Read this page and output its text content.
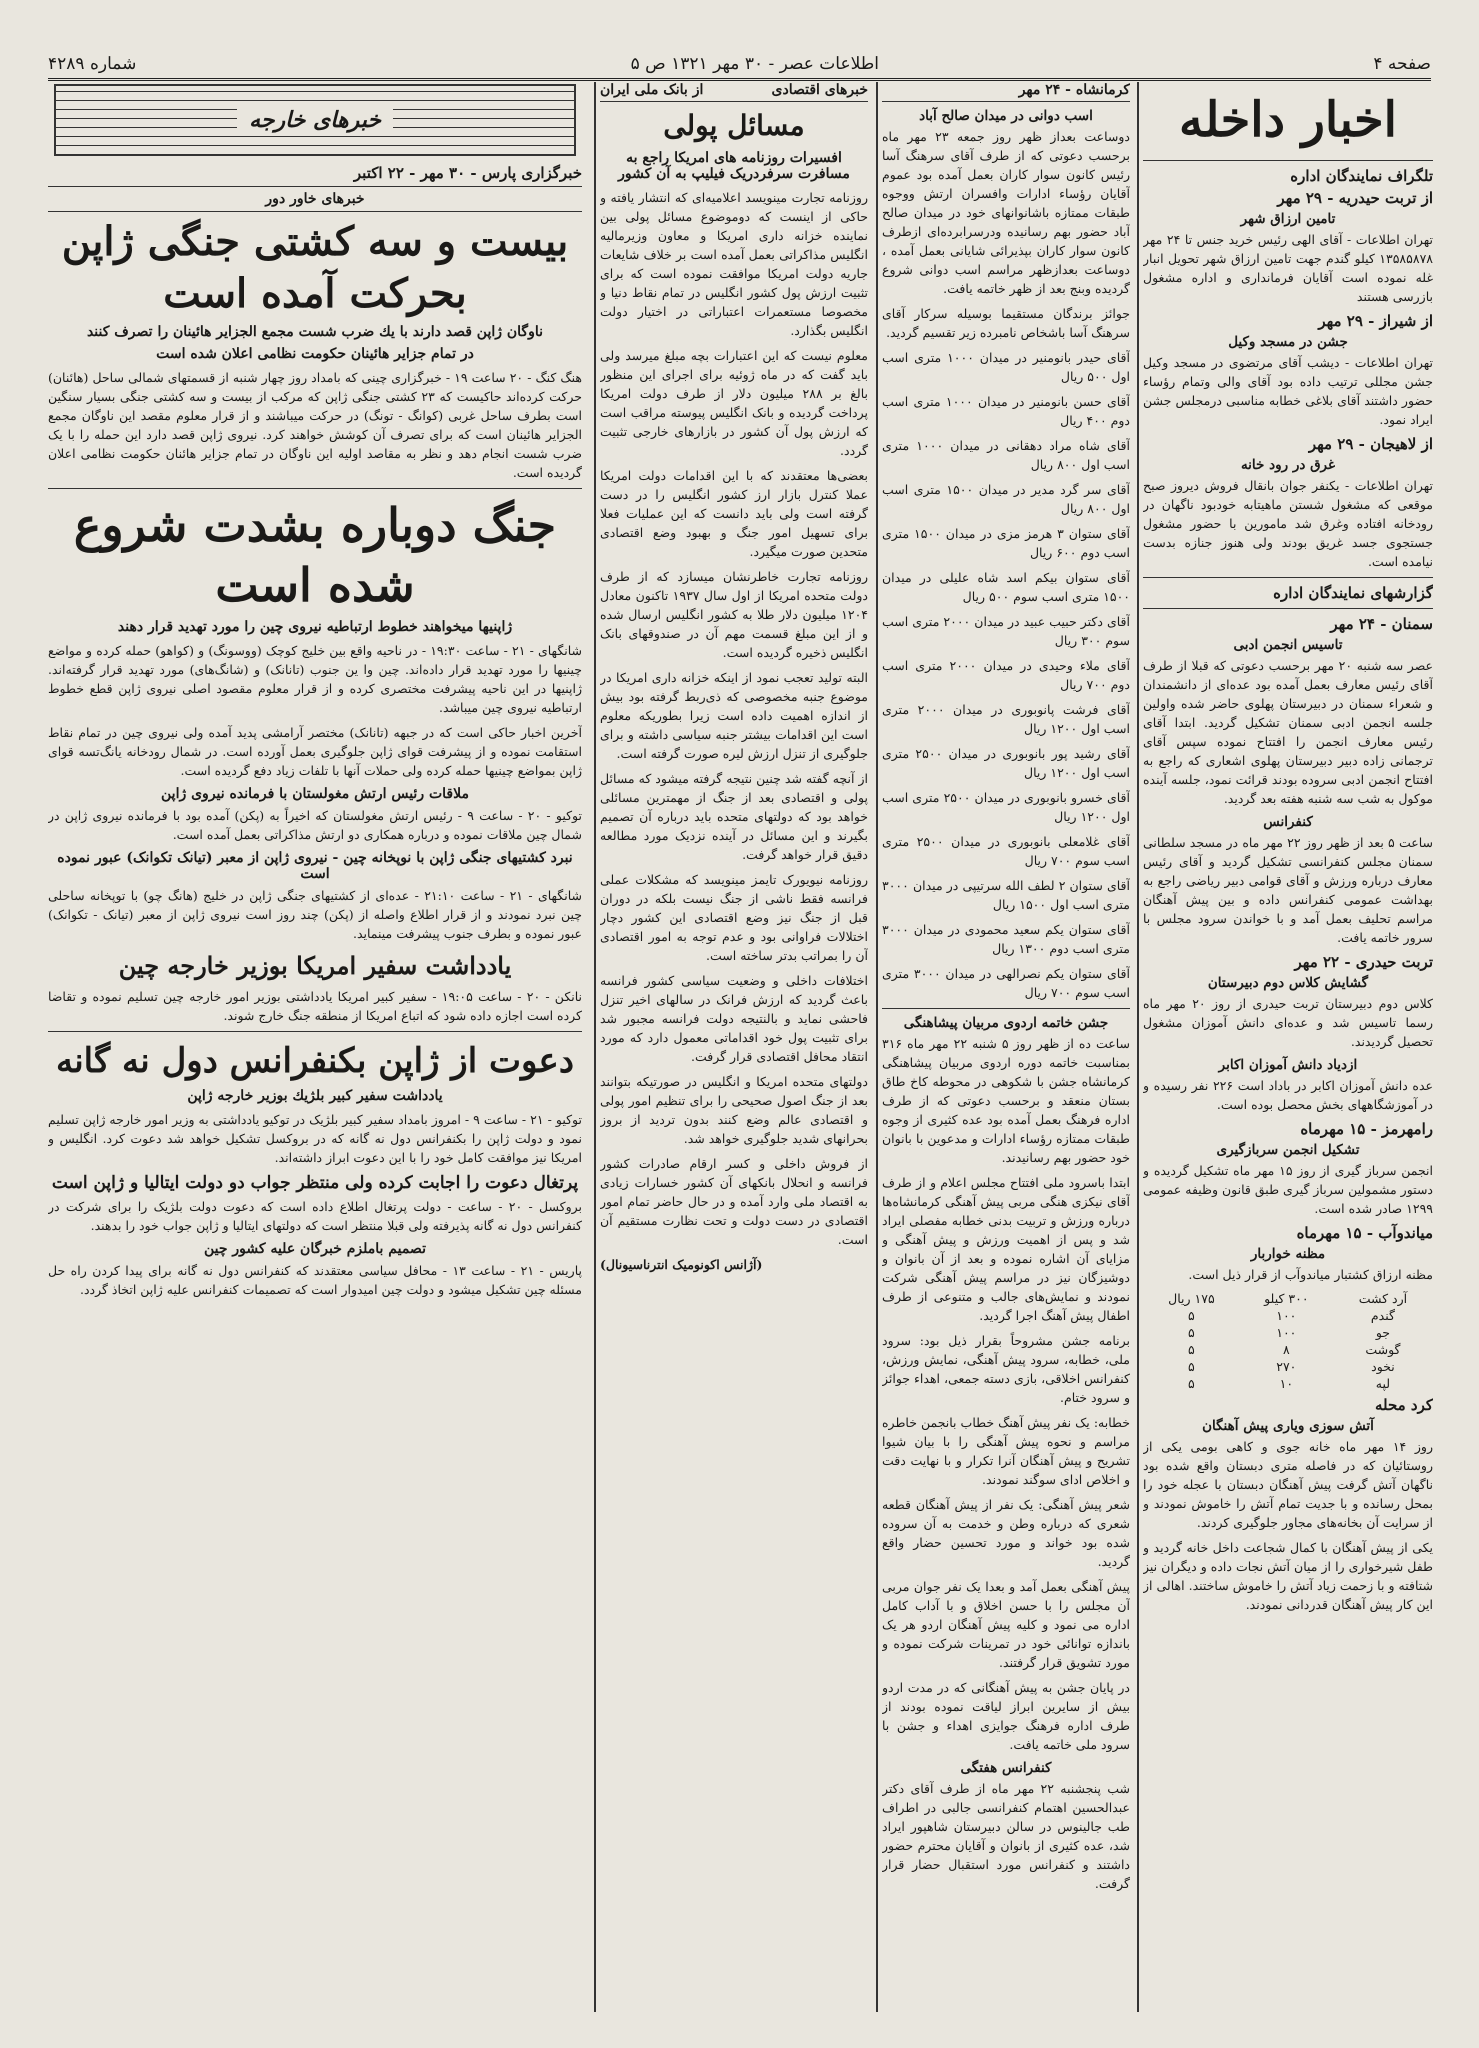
صفحه ۴
اطلاعات عصر - ۳۰ مهر ۱۳۲۱ ص ۵
شماره ۴۲۸۹
اخبار داخله
تلگراف نمایندگان اداره
از تربت حیدریه - ۲۹ مهر
تامین ارزاق شهر

تهران اطلاعات - آقای الهی رئیس خرید جنس تا ۲۴ مهر ۱۳۵۸۵۸۷۸ کیلو گندم جهت تامین ارزاق شهر تحویل انبار غله نموده است آقایان فرمانداری و اداره مشغول بازرسی هستند

از شیراز - ۲۹ مهر
جشن در مسجد وکیل

تهران اطلاعات - دیشب آقای مرتضوی در مسجد وکیل جشن مجللی ترتیب داده بود آقای والی وتمام رؤساء حضور داشتند آقای بلاغی خطابه مناسبی درمجلس جشن ایراد نمود.

از لاهیجان - ۲۹ مهر
غرق در رود خانه

تهران اطلاعات - یکنفر جوان بانقال فروش دیروز صبح موقعی که مشغول شستن ماهیتابه خودبود ناگهان در رودخانه افتاده وغرق شد مامورین با حضور مشغول جستجوی جسد غریق بودند ولی هنوز جنازه بدست نیامده است.

گزارشهای نمایندگان اداره
سمنان - ۲۴ مهر
تاسیس انجمن ادبی

عصر سه شنبه ۲۰ مهر برحسب دعوتی که قبلا از طرف آقای رئیس معارف بعمل آمده بود عده‌ای از دانشمندان و شعراء سمنان در دبیرستان پهلوی حاضر شده واولین جلسه انجمن ادبی سمنان تشکیل گردید. ابتدا آقای رئیس معارف انجمن را افتتاح نموده سپس آقای ترجمانی زاده دبیر دبیرستان پهلوی اشعاری که راجع به افتتاح انجمن ادبی سروده بودند قرائت نمود، جلسه آینده موکول به شب سه شنبه هفته بعد گردید.

کنفرانس

ساعت ۵ بعد از ظهر روز ۲۲ مهر ماه در مسجد سلطانی سمنان مجلس کنفرانسی تشکیل گردید و آقای رئیس معارف درباره ورزش و آقای قوامی دبیر ریاضی راجع به بهداشت عمومی کنفرانس داده و بین پیش آهنگان مراسم تحلیف بعمل آمد و با خواندن سرود مجلس با سرور خاتمه یافت.

تربت حیدری - ۲۲ مهر
گشایش کلاس دوم دبیرستان

کلاس دوم دبیرستان تربت حیدری از روز ۲۰ مهر ماه رسما تاسیس شد و عده‌ای دانش آموزان مشغول تحصیل گردیدند.

ازدیاد دانش آموزان اکابر

عده دانش آموزان اکابر در باداد است ۲۲۶ نفر رسیده و در آموزشگاههای بخش محصل بوده است.

رامهرمز - ۱۵ مهرماه
تشکیل انجمن سربازگیری

انجمن سرباز گیری از روز ۱۵ مهر ماه تشکیل گردیده و دستور مشمولین سرباز گیری طبق قانون وظیفه عمومی ۱۲۹۹ صادر شده است.

میاندوآب - ۱۵ مهرماه
مظنه خواربار

مظنه ارزاق کشتبار میاندوآب از قرار ذیل است.

آرد کشت	۳۰۰ کیلو	۱۷۵ ریال
گندم	۱۰۰	۵
جو	۱۰۰	۵
گوشت	۸	۵
نخود	۲۷۰	۵
لپه	۱۰	۵
کرد محله
آتش سوزی ویاری پیش آهنگان

روز ۱۴ مهر ماه خانه جوی و کاهی بومی یکی از روستائیان که در فاصله متری دبستان واقع شده بود ناگهان آتش گرفت پیش آهنگان دبستان با عجله خود را بمحل رسانده و با جدیت تمام آتش را خاموش نمودند و از سرایت آن بخانه‌های مجاور جلوگیری کردند.

یکی از پیش آهنگان با کمال شجاعت داخل خانه گردید و طفل شیرخواری را از میان آتش نجات داده و دیگران نیز شتافته و با زحمت زیاد آتش را خاموش ساختند. اهالی از این کار پیش آهنگان قدردانی نمودند.

کرمانشاه - ۲۴ مهر
اسب دوانی در میدان صالح آباد

دوساعت بعداز ظهر روز جمعه ۲۳ مهر ماه برحسب دعوتی که از طرف آقای سرهنگ آسا رئیس کانون سوار کاران بعمل آمده بود عموم آقایان رؤساء ادارات وافسران ارتش ووجوه طبقات ممتازه باشانوانهای خود در میدان صالح آباد حضور بهم رسانیده ودرسرابرده‌ای ازطرف کانون سوار کاران بپذیرائی شایانی بعمل آمده ، دوساعت بعدازظهر مراسم اسب دوانی شروع گردیده وبنج بعد از ظهر خاتمه یافت.

جوائز برندگان مستقیما بوسیله سرکار آقای سرهنگ آسا باشخاص نامبرده زیر تقسیم گردید.

آقای حیدر بانومنیر در میدان ۱۰۰۰ متری اسب اول ۵۰۰ ریال

آقای حسن بانومنیر در میدان ۱۰۰۰ متری اسب دوم ۴۰۰ ریال

آقای شاه مراد دهقانی در میدان ۱۰۰۰ متری اسب اول ۸۰۰ ریال

آقای سر گرد مدیر در میدان ۱۵۰۰ متری اسب اول ۸۰۰ ریال

آقای ستوان ۳ هرمز مزی در میدان ۱۵۰۰ متری اسب دوم ۶۰۰ ریال

آقای ستوان بیکم اسد شاه علیلی در میدان ۱۵۰۰ متری اسب سوم ۵۰۰ ریال

آقای دکتر حبیب عبید در میدان ۲۰۰۰ متری اسب سوم ۳۰۰ ریال

آقای ملاء وحیدی در میدان ۲۰۰۰ متری اسب دوم ۷۰۰ ریال

آقای فرشت پانوبوری در میدان ۲۰۰۰ متری اسب اول ۱۲۰۰ ریال

آقای رشید پور بانوبوری در میدان ۲۵۰۰ متری اسب اول ۱۲۰۰ ریال

آقای خسرو بانوبوری در میدان ۲۵۰۰ متری اسب اول ۱۲۰۰ ریال

آقای غلامعلی بانوبوری در میدان ۲۵۰۰ متری اسب سوم ۷۰۰ ریال

آقای ستوان ۲ لطف الله سرتیپی در میدان ۳۰۰۰ متری اسب اول ۱۵۰۰ ریال

آقای ستوان یکم سعید محمودی در میدان ۳۰۰۰ متری اسب دوم ۱۳۰۰ ریال

آقای ستوان یکم نصرالهی در میدان ۳۰۰۰ متری اسب سوم ۷۰۰ ریال

جشن خاتمه اردوی مربیان پیشاهنگی

ساعت ده از ظهر روز ۵ شنبه ۲۲ مهر ماه ۳۱۶ بمناسبت خاتمه دوره اردوی مربیان پیشاهنگی کرمانشاه جشن با شکوهی در محوطه کاخ طاق بستان منعقد و برحسب دعوتی که از طرف اداره فرهنگ بعمل آمده بود عده کثیری از وجوه طبقات ممتازه رؤساء ادارات و مدعوین با بانوان خود حضور بهم رسانیدند.

ابتدا باسرود ملی افتتاح مجلس اعلام و از طرف آقای نیکزی هنگی مربی پیش آهنگی کرمانشاه‌ها درباره ورزش و تربیت بدنی خطابه مفصلی ایراد شد و پس از اهمیت ورزش و پیش آهنگی و مزایای آن اشاره نموده و بعد از آن بانوان و دوشیزگان نیز در مراسم پیش آهنگی شرکت نمودند و نمایش‌های جالب و متنوعی از طرف اطفال پیش آهنگ اجرا گردید.

برنامه جشن مشروحاً بقرار ذیل بود: سرود ملی، خطابه، سرود پیش آهنگی، نمایش ورزش، کنفرانس اخلاقی، بازی دسته جمعی، اهداء جوائز و سرود ختام.

خطابه: یک نفر پیش آهنگ خطاب بانجمن خاطره مراسم و نحوه پیش آهنگی را با بیان شیوا تشریح و پیش آهنگان آنرا تکرار و با نهایت دقت و اخلاص ادای سوگند نمودند.

شعر پیش آهنگی: یک نفر از پیش آهنگان قطعه شعری که درباره وطن و خدمت به آن سروده شده بود خواند و مورد تحسین حضار واقع گردید.

پیش آهنگی بعمل آمد و بعدا یک نفر جوان مربی آن مجلس را با حسن اخلاق و با آداب کامل اداره می نمود و کلیه پیش آهنگان اردو هر یک باندازه توانائی خود در تمرینات شرکت نموده و مورد تشویق قرار گرفتند.

در پایان جشن به پیش آهنگانی که در مدت اردو بیش از سایرین ابراز لیاقت نموده بودند از طرف اداره فرهنگ جوایزی اهداء و جشن با سرود ملی خاتمه یافت.

کنفرانس هفتگی

شب پنجشنبه ۲۲ مهر ماه از طرف آقای دکتر عبدالحسین اهتمام کنفرانسی جالبی در اطراف طب جالینوس در سالن دبیرستان شاهپور ایراد شد، عده کثیری از بانوان و آقایان محترم حضور داشتند و کنفرانس مورد استقبال حضار قرار گرفت.

خبرهای اقتصادی
از بانک ملی ایران
مسائل پولی
افسیرات روزنامه های امریکا راجع به مسافرت سرفردریک فیلیپ به آن کشور

روزنامه تجارت مینویسد اعلامیه‌ای که انتشار یافته و حاکی از اینست که دوموضوع مسائل پولی بین نماینده خزانه داری امریکا و معاون وزیرمالیه انگلیس مذاکراتی بعمل آمده است بر خلاف شایعات جاریه دولت امریکا موافقت نموده است که برای تثبیت ارزش پول کشور انگلیس در تمام نقاط دنیا و مخصوصا مستعمرات اعتباراتی در اختیار دولت انگلیس بگذارد.

معلوم نیست که این اعتبارات بچه مبلغ میرسد ولی باید گفت که در ماه ژوئیه برای اجرای این منظور بالغ بر ۲۸۸ میلیون دلار از طرف دولت امریکا پرداخت گردیده و بانک انگلیس پیوسته مراقب است که ارزش پول آن کشور در بازارهای خارجی تثبیت گردد.

بعضی‌ها معتقدند که با این اقدامات دولت امریکا عملا کنترل بازار ارز کشور انگلیس را در دست گرفته است ولی باید دانست که این عملیات فعلا برای تسهیل امور جنگ و بهبود وضع اقتصادی متحدین صورت میگیرد.

روزنامه تجارت خاطرنشان میسازد که از طرف دولت متحده امریکا از اول سال ۱۹۳۷ تاکنون معادل ۱۲۰۴ میلیون دلار طلا به کشور انگلیس ارسال شده و از این مبلغ قسمت مهم آن در صندوقهای بانک انگلیس ذخیره گردیده است.

البته تولید تعجب نمود از اینکه خزانه داری امریکا در موضوع جنبه مخصوصی که ذی‌ربط گرفته بود بیش از اندازه اهمیت داده است زیرا بطوریکه معلوم است این اقدامات بیشتر جنبه سیاسی داشته و برای جلوگیری از تنزل ارزش لیره صورت گرفته است.

از آنچه گفته شد چنین نتیجه گرفته میشود که مسائل پولی و اقتصادی بعد از جنگ از مهمترین مسائلی خواهد بود که دولتهای متحده باید درباره آن تصمیم بگیرند و این مسائل در آینده نزدیک مورد مطالعه دقیق قرار خواهد گرفت.

روزنامه نیویورک تایمز مینویسد که مشکلات عملی فرانسه فقط ناشی از جنگ نیست بلکه در دوران قبل از جنگ نیز وضع اقتصادی این کشور دچار اختلالات فراوانی بود و عدم توجه به امور اقتصادی آن را بمراتب بدتر ساخته است.

اختلافات داخلی و وضعیت سیاسی کشور فرانسه باعث گردید که ارزش فرانک در سالهای اخیر تنزل فاحشی نماید و بالنتیجه دولت فرانسه مجبور شد برای تثبیت پول خود اقداماتی معمول دارد که مورد انتقاد محافل اقتصادی قرار گرفت.

دولتهای متحده امریکا و انگلیس در صورتیکه بتوانند بعد از جنگ اصول صحیحی را برای تنظیم امور پولی و اقتصادی عالم وضع کنند بدون تردید از بروز بحرانهای شدید جلوگیری خواهد شد.

از فروش داخلی و کسر ارقام صادرات کشور فرانسه و انحلال بانکهای آن کشور خسارات زیادی به اقتصاد ملی وارد آمده و در حال حاضر تمام امور اقتصادی در دست دولت و تحت نظارت مستقیم آن است.

(آژانس اکونومیک انترناسیونال)

خبرهای خارجه
خبرگزاری پارس - ۳۰ مهر - ۲۲ اکتبر
خبرهای خاور دور
بیست و سه کشتی جنگی ژاپن بحرکت آمده است
ناوگان ژاپن قصد دارند با یك ضرب شست مجمع الجزایر هائینان را تصرف کنند
در تمام جزایر هائینان حکومت نظامی اعلان شده است

هنگ کنگ - ۲۰ ساعت ۱۹ - خبرگزاری چینی که بامداد روز چهار شنبه از قسمتهای شمالی ساحل (هائنان) حرکت کرده‌اند حاکیست که ۲۳ کشتی جنگی ژاپن که مرکب از بیست و سه کشتی جنگی بسیار سنگین است بطرف ساحل غربی (کوانگ - تونگ) در حرکت میباشند و از قرار معلوم مقصد این ناوگان مجمع الجزایر هائینان است که برای تصرف آن کوشش خواهند کرد. نیروی ژاپن قصد دارد این حمله را با یک ضرب شست انجام دهد و نظر به مقاصد اولیه این ناوگان در تمام جزایر هائنان حکومت نظامی اعلان گردیده است.

جنگ دوباره بشدت شروع شده است
ژاپنیها میخواهند خطوط ارتباطیه نیروی چین را مورد تهدید قرار دهند

شانگهای - ۲۱ - ساعت ۱۹:۳۰ - در ناحیه واقع بین خلیج کوچک (ووسونگ) و (کواهو) حمله کرده و مواضع چینیها را مورد تهدید قرار داده‌اند. چین وا ین جنوب (تانانک) و (شانگ‌های) مورد تهدید قرار گرفته‌اند. ژاپنیها در این ناحیه پیشرفت مختصری کرده و از قرار معلوم مقصود اصلی نیروی ژاپن قطع خطوط ارتباطیه نیروی چین میباشد.

آخرین اخبار حاکی است که در جبهه (تانانک) مختصر آرامشی پدید آمده ولی نیروی چین در تمام نقاط استقامت نموده و از پیشرفت قوای ژاپن جلوگیری بعمل آورده است. در شمال رودخانه یانگ‌تسه قوای ژاپن بمواضع چینیها حمله کرده ولی حملات آنها با تلفات زیاد دفع گردیده است.

ملاقات رئیس ارتش مغولستان با فرمانده نیروی ژاپن

توکیو - ۲۰ - ساعت ۹ - رئیس ارتش مغولستان که اخیراً به (پکن) آمده بود با فرمانده نیروی ژاپن در شمال چین ملاقات نموده و درباره همکاری دو ارتش مذاکراتی بعمل آمده است.

نبرد کشتیهای جنگی ژاپن با نوپخانه چین - نیروی ژاپن از معبر (تیانک تکوانک) عبور نموده است

شانگهای - ۲۱ - ساعت ۲۱:۱۰ - عده‌ای از کشتیهای جنگی ژاپن در خلیج (هانگ چو) با توپخانه ساحلی چین نبرد نمودند و از قرار اطلاع واصله از (پکن) چند روز است نیروی ژاپن از معبر (تیانک - تکوانک) عبور نموده و بطرف جنوب پیشرفت مینماید.

یادداشت سفیر امریکا بوزیر خارجه چین

نانکن - ۲۰ - ساعت ۱۹:۰۵ - سفیر کبیر امریکا یادداشتی بوزیر امور خارجه چین تسلیم نموده و تقاضا کرده است اجازه داده شود که اتباع امریکا از منطقه جنگ خارج شوند.

دعوت از ژاپن بکنفرانس دول نه گانه
یادداشت سفیر کبیر بلژیك بوزیر خارجه ژاپن

توکیو - ۲۱ - ساعت ۹ - امروز بامداد سفیر کبیر بلژیک در توکیو یادداشتی به وزیر امور خارجه ژاپن تسلیم نمود و دولت ژاپن را بکنفرانس دول نه گانه که در بروکسل تشکیل خواهد شد دعوت کرد. انگلیس و امریکا نیز موافقت کامل خود را با این دعوت ابراز داشته‌اند.

پرتغال دعوت را اجابت کرده ولی منتظر جواب دو دولت ایتالیا و ژاپن است

بروکسل - ۲۰ - ساعت - دولت پرتغال اطلاع داده است که دعوت دولت بلژیک را برای شرکت در کنفرانس دول نه گانه پذیرفته ولی قبلا منتظر است که دولتهای ایتالیا و ژاپن جواب خود را بدهند.

تصمیم باملزم خبرگان علیه کشور چین

پاریس - ۲۱ - ساعت ۱۳ - محافل سیاسی معتقدند که کنفرانس دول نه گانه برای پیدا کردن راه حل مسئله چین تشکیل میشود و دولت چین امیدوار است که تصمیمات کنفرانس علیه ژاپن اتخاذ گردد.
